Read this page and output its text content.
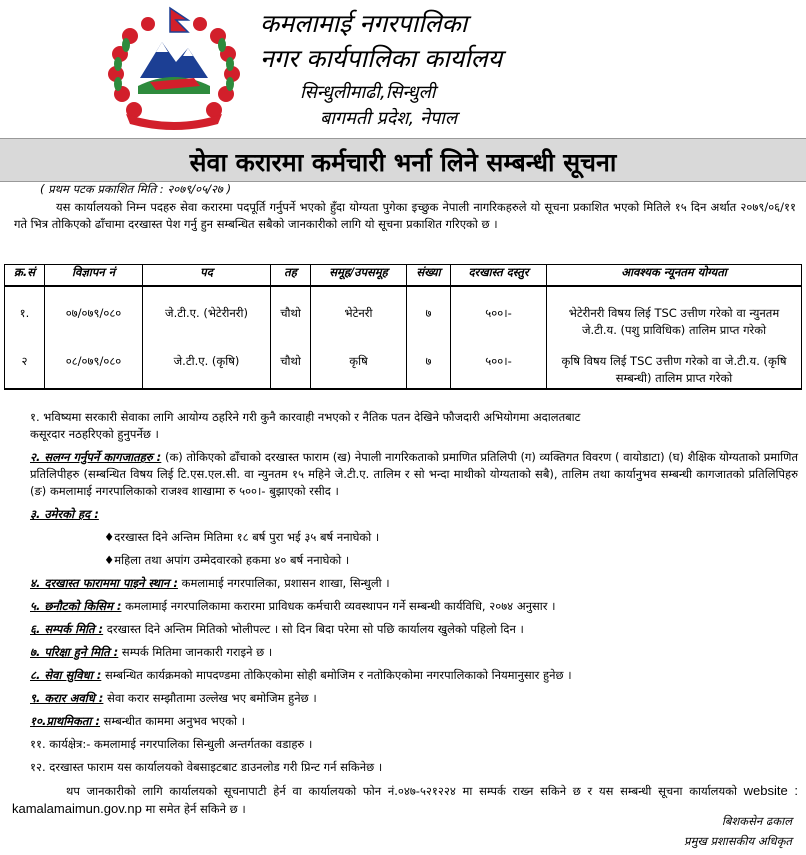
कमलामाई नगरपालिका
नगर कार्यपालिका कार्यालय
सिन्धुलीमाढी,सिन्धुली
बागमती प्रदेश, नेपाल
सेवा करारमा कर्मचारी भर्ना लिने सम्बन्धी सूचना
( प्रथम पटक प्रकाशित मिति : २०७९/०५/२७ )
यस कार्यालयको निम्न पदहरु सेवा करारमा पदपूर्ति गर्नुपर्ने भएको हुँदा योग्यता पुगेका इच्छुक नेपाली नागरिकहरुले यो सूचना प्रकाशित भएको मितिले १५ दिन अर्थात २०७९/०६/११ गते भित्र तोकिएको ढाँचामा दरखास्त पेश गर्नु हुन सम्बन्धित सबैको जानकारीको लागि यो सूचना प्रकाशित गरिएको छ ।
क्र.सं	विज्ञापन नं	पद	तह	समूह/उपसमूह	संख्या	दरखास्त दस्तुर	आवश्यक न्यूनतम योग्यता
१.	०७/०७९/०८०	जे.टी.ए. (भेटेरीनरी)	चौथो	भेटेनरी	७	५००।-	भेटेरीनरी विषय लिई TSC उत्तीण गरेको वा न्युनतम जे.टी.य. (पशु प्राविधिक) तालिम प्राप्त गरेको
२	०८/०७९/०८०	जे.टी.ए. (कृषि)	चौथो	कृषि	७	५००।-	कृषि विषय लिई TSC उत्तीण गरेको वा जे.टी.य. (कृषि सम्बन्धी) तालिम प्राप्त गरेको
१. भविष्यमा सरकारी सेवाका लागि आयोग्य ठहरिने गरी कुनै कारवाही नभएको र नैतिक पतन देखिने फौजदारी अभियोगमा अदालतबाट
कसूरदार नठहरिएको हुनुपर्नेछ ।
२. सलग्न गर्नुपर्ने कागजातहरु : (क) तोकिएको ढाँचाको दरखास्त फाराम (ख) नेपाली नागरिकताको प्रमाणित प्रतिलिपी (ग) व्यक्तिगत विवरण ( वायोडाटा) (घ) शैक्षिक योग्यताको प्रमाणित प्रतिलिपीहरु (सम्बन्धित विषय लिई टि.एस.एल.सी. वा न्युनतम १५ महिने जे.टी.ए. तालिम र सो भन्दा माथीको योग्यताको सबै), तालिम तथा कार्यानुभव सम्बन्धी कागजातको प्रतिलिपिहरु (ङ) कमलामाई नगरपालिकाको राजश्व शाखामा रु ५००।- बुझाएको रसीद ।
३. उमेरको हद :
♦दरखास्त दिने अन्तिम मितिमा १८ बर्ष पुरा भई ३५ बर्ष ननाघेको ।
♦महिला तथा अपांग उम्मेदवारको हकमा ४० बर्ष ननाघेको ।
४. दरखास्त फाराममा पाइने स्थान : कमलामाई नगरपालिका, प्रशासन शाखा, सिन्धुली ।
५. छनौटको किसिम : कमलामाई नगरपालिकामा करारमा प्राविधक कर्मचारी व्यवस्थापन गर्ने सम्बन्धी कार्यविधि, २०७४ अनुसार ।
६. सम्पर्क मिति : दरखास्त दिने अन्तिम मितिको भोलीपल्ट । सो दिन बिदा परेमा सो पछि कार्यालय खुलेको पहिलो दिन ।
७. परिक्षा हुने मिति : सम्पर्क मितिमा जानकारी गराइने छ ।
८. सेवा सुविधा : सम्बन्धित कार्यक्रमको मापदण्डमा तोकिएकोमा सोही बमोजिम र नतोकिएकोमा नगरपालिकाको नियमानुसार हुनेछ ।
९. करार अवधि : सेवा करार सम्झौतामा उल्लेख भए बमोजिम हुनेछ ।
१०.प्राथमिकता : सम्बन्धीत काममा अनुभव भएको ।
११. कार्यक्षेत्र:- कमलामाई नगरपालिका सिन्धुली अन्तर्गतका वडाहरु ।
१२. दरखास्त फाराम यस कार्यालयको वेबसाइटबाट डाउनलोड गरी प्रिन्ट गर्न सकिनेछ ।
थप जानकारीको लागि कार्यालयको सूचनापाटी हेर्न वा कार्यालयको फोन नं.०४७-५२१२२४ मा सम्पर्क राख्न सकिने छ र यस सम्बन्धी सूचना कार्यालयको website : kamalamaimun.gov.np मा समेत हेर्न सकिने छ ।
बिशकसेन ढकाल
प्रमुख प्रशासकीय अधिकृत
